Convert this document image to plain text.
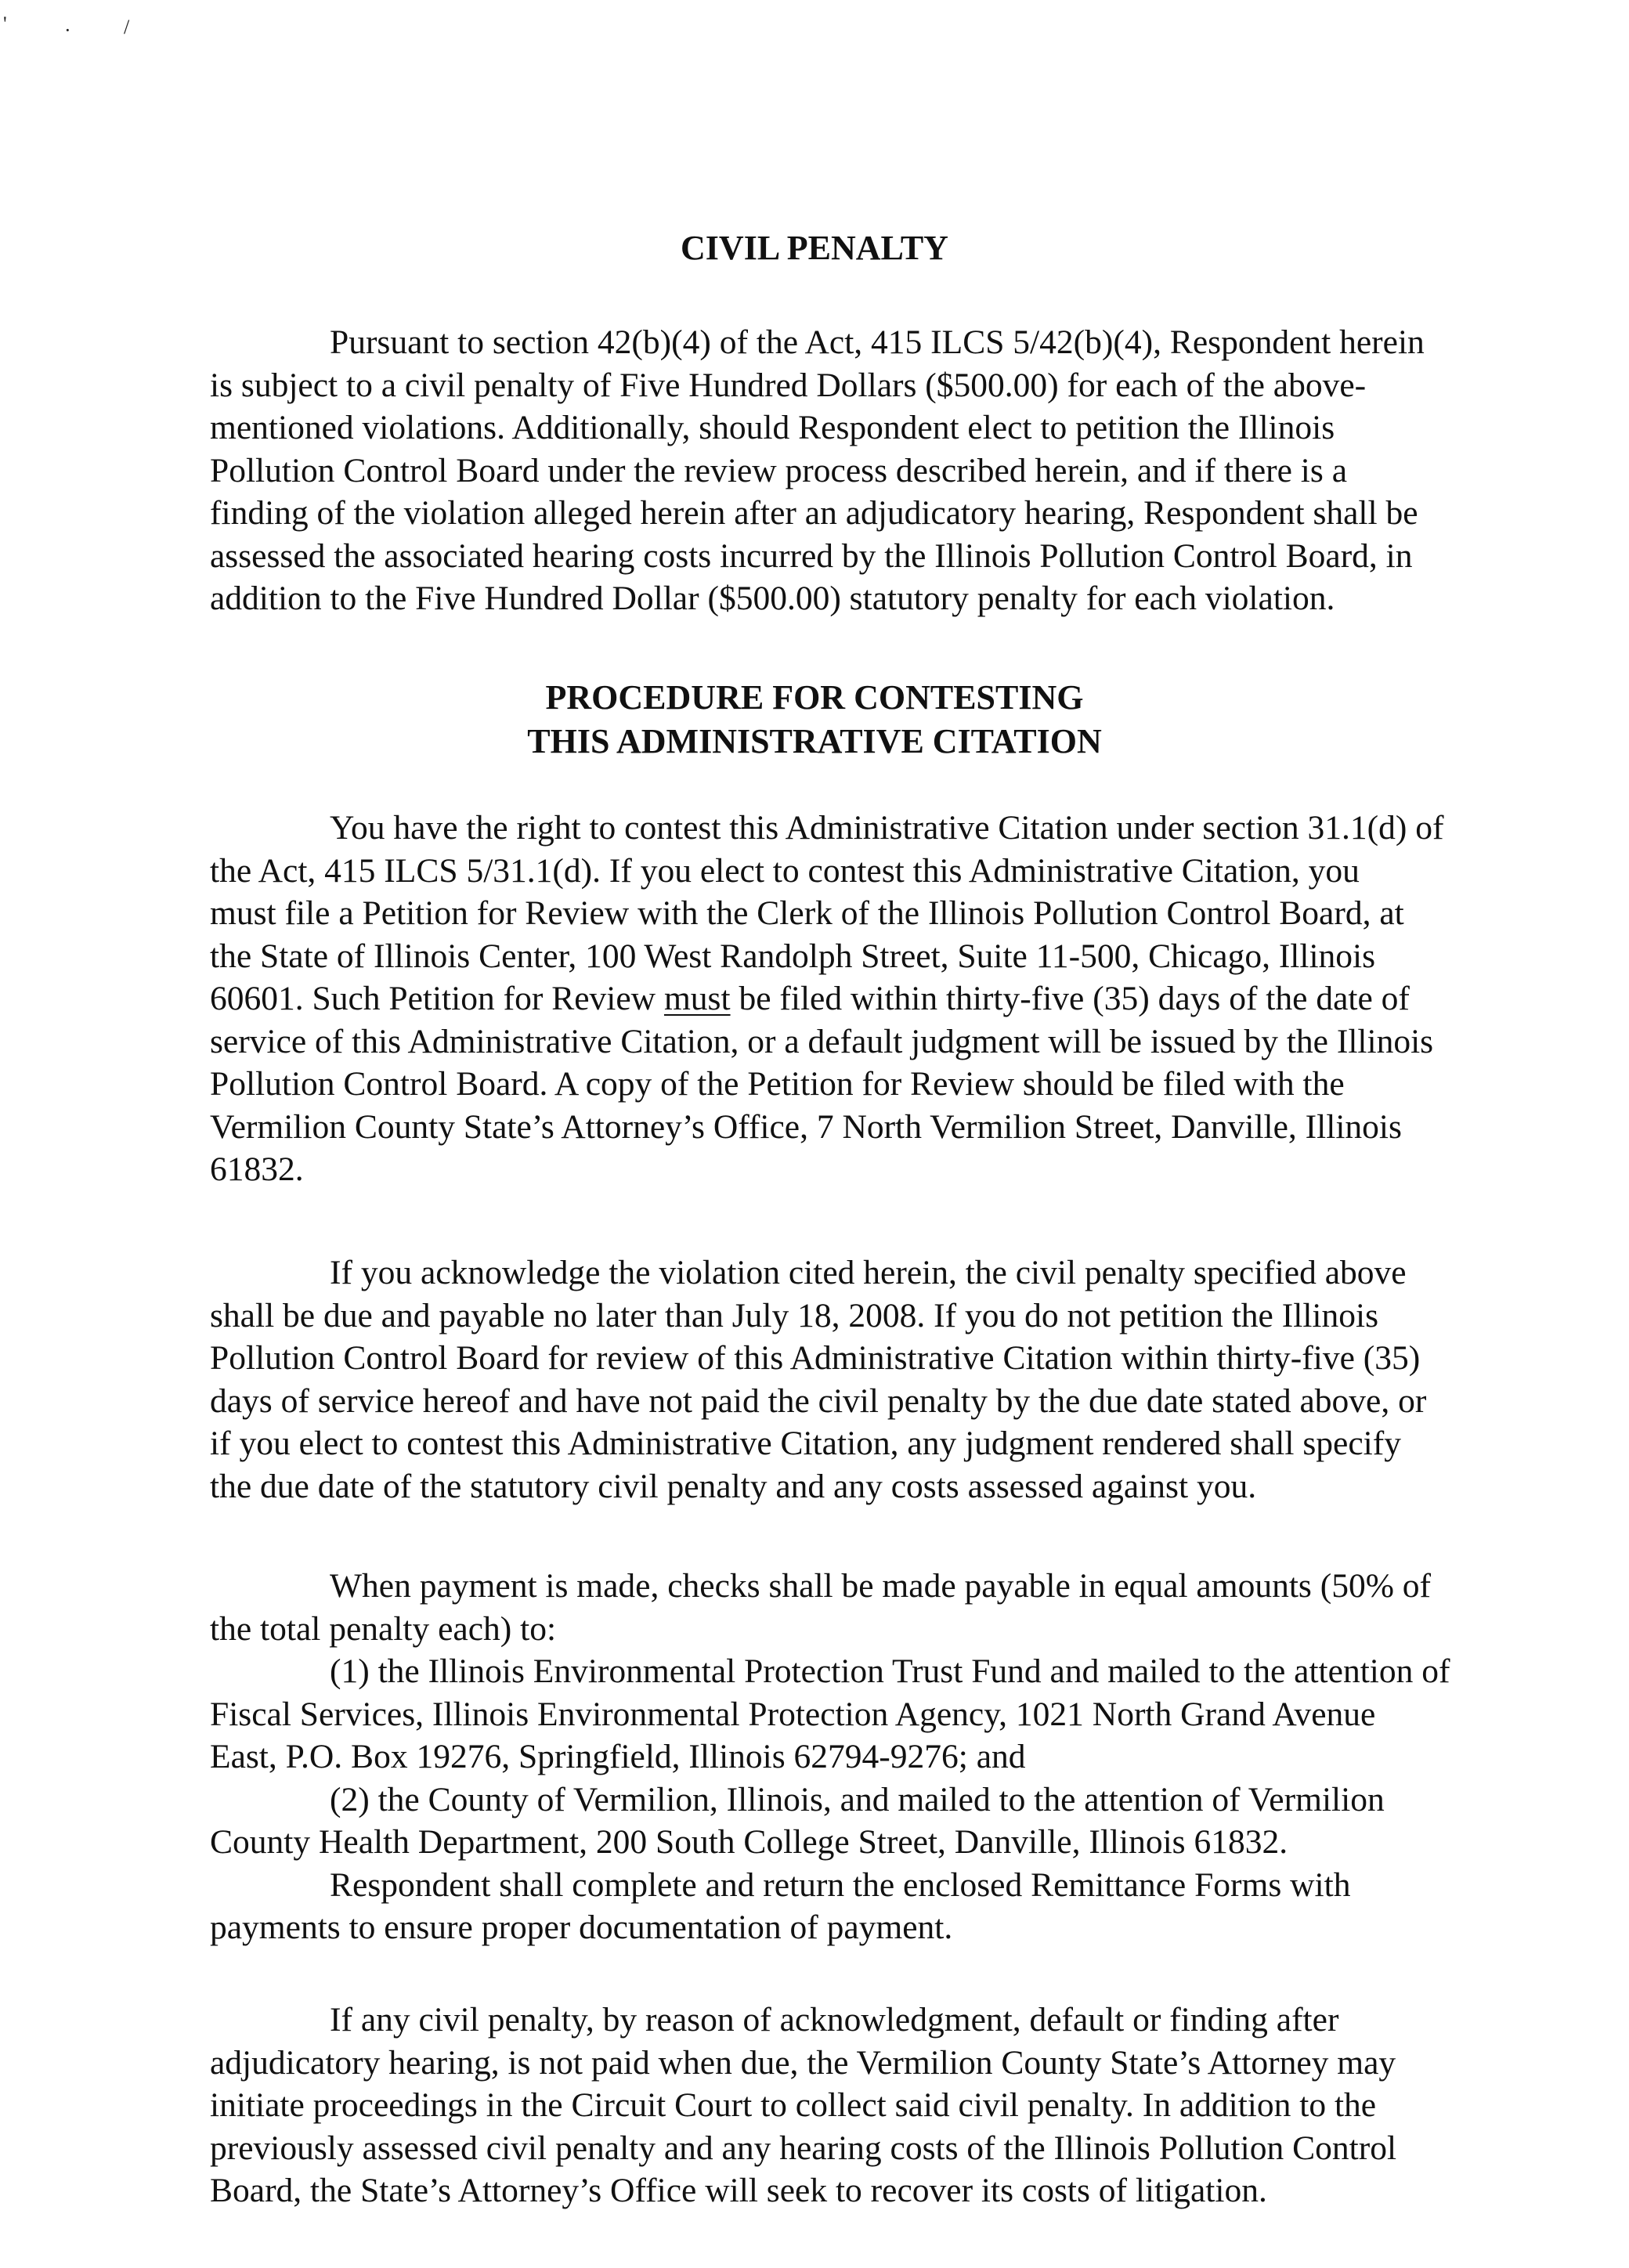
'	·	/
CIVIL PENALTY
Pursuant to section 42(b)(4) of the Act, 415 ILCS 5/42(b)(4), Respondent herein
is subject to a civil penalty of Five Hundred Dollars ($500.00) for each of the above-
mentioned violations. Additionally, should Respondent elect to petition the Illinois
Pollution Control Board under the review process described herein, and if there is a
finding of the violation alleged herein after an adjudicatory hearing, Respondent shall be
assessed the associated hearing costs incurred by the Illinois Pollution Control Board, in
addition to the Five Hundred Dollar ($500.00) statutory penalty for each violation.
PROCEDURE FOR CONTESTING
THIS ADMINISTRATIVE CITATION
You have the right to contest this Administrative Citation under section 31.1(d) of
the Act, 415 ILCS 5/31.1(d). If you elect to contest this Administrative Citation, you
must file a Petition for Review with the Clerk of the Illinois Pollution Control Board, at
the State of Illinois Center, 100 West Randolph Street, Suite 11-500, Chicago, Illinois
60601. Such Petition for Review must be filed within thirty-five (35) days of the date of
service of this Administrative Citation, or a default judgment will be issued by the Illinois
Pollution Control Board. A copy of the Petition for Review should be filed with the
Vermilion County State’s Attorney’s Office, 7 North Vermilion Street, Danville, Illinois
61832.
If you acknowledge the violation cited herein, the civil penalty specified above
shall be due and payable no later than July 18, 2008. If you do not petition the Illinois
Pollution Control Board for review of this Administrative Citation within thirty-five (35)
days of service hereof and have not paid the civil penalty by the due date stated above, or
if you elect to contest this Administrative Citation, any judgment rendered shall specify
the due date of the statutory civil penalty and any costs assessed against you.
When payment is made, checks shall be made payable in equal amounts (50% of
the total penalty each) to:
(1) the Illinois Environmental Protection Trust Fund and mailed to the attention of
Fiscal Services, Illinois Environmental Protection Agency, 1021 North Grand Avenue
East, P.O. Box 19276, Springfield, Illinois 62794-9276; and
(2) the County of Vermilion, Illinois, and mailed to the attention of Vermilion
County Health Department, 200 South College Street, Danville, Illinois 61832.
Respondent shall complete and return the enclosed Remittance Forms with
payments to ensure proper documentation of payment.
If any civil penalty, by reason of acknowledgment, default or finding after
adjudicatory hearing, is not paid when due, the Vermilion County State’s Attorney may
initiate proceedings in the Circuit Court to collect said civil penalty. In addition to the
previously assessed civil penalty and any hearing costs of the Illinois Pollution Control
Board, the State’s Attorney’s Office will seek to recover its costs of litigation.
